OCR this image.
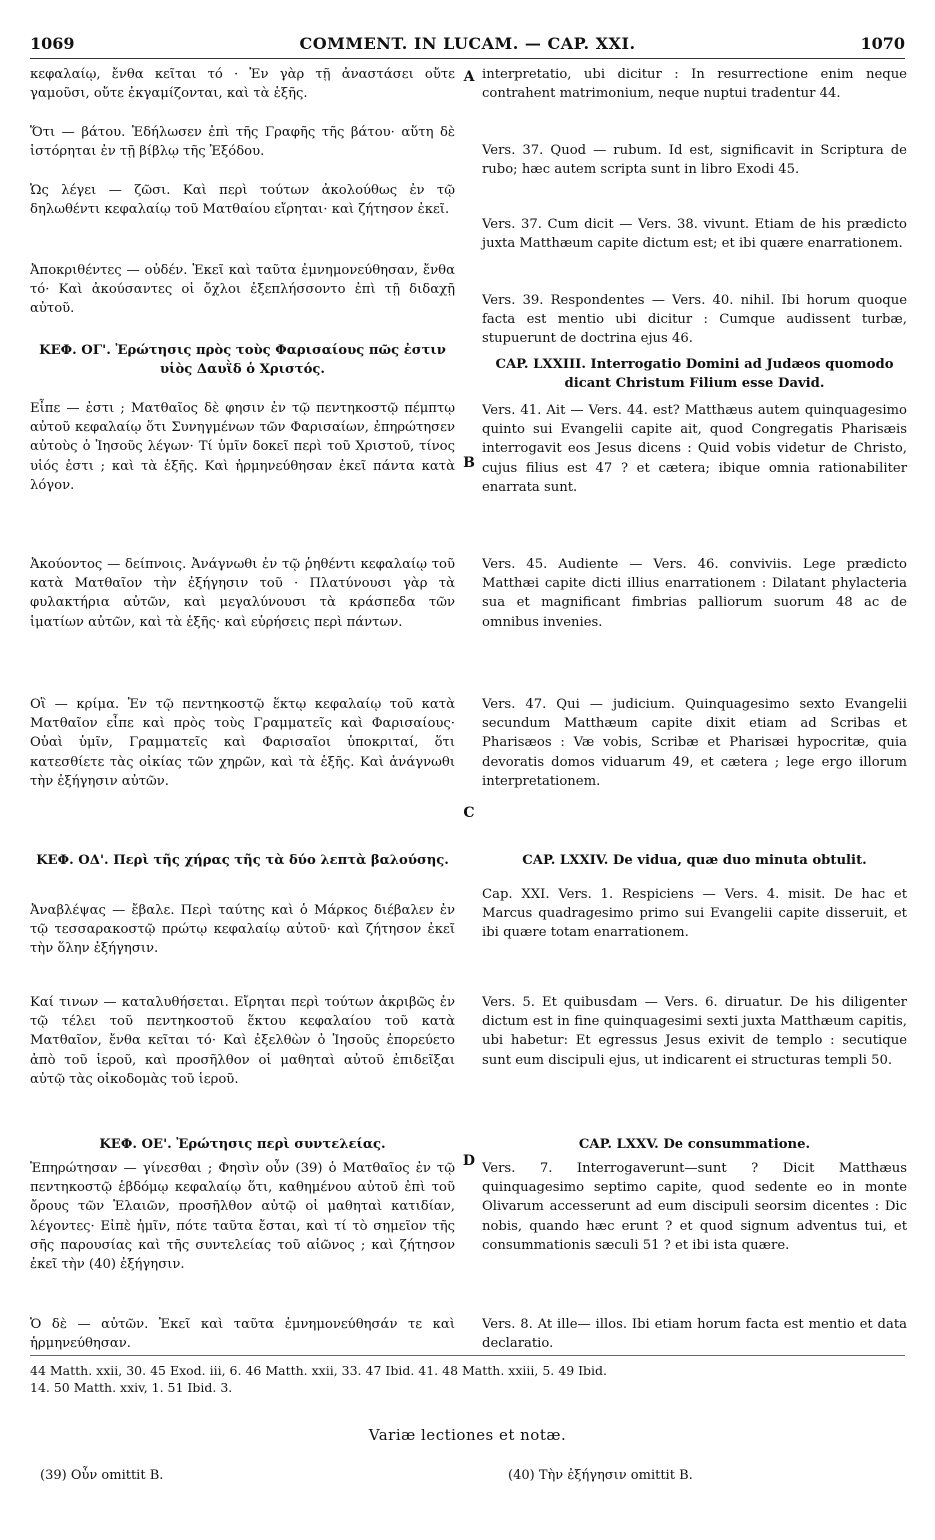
1069	COMMENT. IN LUCAM. — CAP. XXI.	1070

κεφαλαίῳ, ἔνθα κεῖται τό · Ἐν γὰρ τῇ ἀναστάσει οὔτε γαμοῦσι, οὔτε ἐκγαμίζονται, καὶ τὰ ἑξῆς.

Ὅτι — βάτου. Ἐδήλωσεν ἐπὶ τῆς Γραφῆς τῆς βάτου· αὕτη δὲ ἱστόρηται ἐν τῇ βίβλῳ τῆς Ἐξόδου.

Ὡς λέγει — ζῶσι. Καὶ περὶ τούτων ἀκολούθως ἐν τῷ δηλωθέντι κεφαλαίῳ τοῦ Ματθαίου εἴρηται· καὶ ζήτησον ἐκεῖ.

Ἀποκριθέντες — οὐδέν. Ἐκεῖ καὶ ταῦτα ἐμνημονεύθησαν, ἔνθα τό· Καὶ ἀκούσαντες οἱ ὄχλοι ἐξεπλήσσοντο ἐπὶ τῇ διδαχῇ αὐτοῦ.

ΚΕΦ. ΟΓ'. Ἐρώτησις πρὸς τοὺς Φαρισαίους πῶς ἐστιν υἱὸς Δαυῒδ ὁ Χριστός.

Εἶπε — ἐστι ; Ματθαῖος δὲ φησιν ἐν τῷ πεντηκοστῷ πέμπτῳ αὐτοῦ κεφαλαίῳ ὅτι Συνηγμένων τῶν Φαρισαίων, ἐπηρώτησεν αὐτοὺς ὁ Ἰησοῦς λέγων· Τί ὑμῖν δοκεῖ περὶ τοῦ Χριστοῦ, τίνος υἱός ἐστι ; καὶ τὰ ἑξῆς. Καὶ ἡρμηνεύθησαν ἐκεῖ πάντα κατὰ λόγον.

Ἀκούοντος — δείπνοις. Ἀνάγνωθι ἐν τῷ ῥηθέντι κεφαλαίῳ τοῦ κατὰ Ματθαῖον τὴν ἐξήγησιν τοῦ · Πλατύνουσι γὰρ τὰ φυλακτήρια αὐτῶν, καὶ μεγαλύνουσι τὰ κράσπεδα τῶν ἱματίων αὐτῶν, καὶ τὰ ἑξῆς· καὶ εὑρήσεις περὶ πάντων.

Οἳ — κρίμα. Ἐν τῷ πεντηκοστῷ ἕκτῳ κεφαλαίῳ τοῦ κατὰ Ματθαῖον εἶπε καὶ πρὸς τοὺς Γραμματεῖς καὶ Φαρισαίους· Οὐαὶ ὑμῖν, Γραμματεῖς καὶ Φαρισαῖοι ὑποκριταί, ὅτι κατεσθίετε τὰς οἰκίας τῶν χηρῶν, καὶ τὰ ἑξῆς. Καὶ ἀνάγνωθι τὴν ἐξήγησιν αὐτῶν.

ΚΕΦ. ΟΔ'. Περὶ τῆς χήρας τῆς τὰ δύο λεπτὰ βαλούσης.

Ἀναβλέψας — ἔβαλε. Περὶ ταύτης καὶ ὁ Μάρκος διέβαλεν ἐν τῷ τεσσαρακοστῷ πρώτῳ κεφαλαίῳ αὐτοῦ· καὶ ζήτησον ἐκεῖ τὴν ὅλην ἐξήγησιν.

Καί τινων — καταλυθήσεται. Εἴρηται περὶ τούτων ἀκριβῶς ἐν τῷ τέλει τοῦ πεντηκοστοῦ ἕκτου κεφαλαίου τοῦ κατὰ Ματθαῖον, ἔνθα κεῖται τό· Καὶ ἐξελθὼν ὁ Ἰησοῦς ἐπορεύετο ἀπὸ τοῦ ἱεροῦ, καὶ προσῆλθον οἱ μαθηταὶ αὐτοῦ ἐπιδεῖξαι αὐτῷ τὰς οἰκοδομὰς τοῦ ἱεροῦ.

ΚΕΦ. ΟΕ'. Ἐρώτησις περὶ συντελείας.

Ἐπηρώτησαν — γίνεσθαι ; Φησὶν οὖν (39) ὁ Ματθαῖος ἐν τῷ πεντηκοστῷ ἑβδόμῳ κεφαλαίῳ ὅτι, καθημένου αὐτοῦ ἐπὶ τοῦ ὄρους τῶν Ἐλαιῶν, προσῆλθον αὐτῷ οἱ μαθηταὶ κατιδίαν, λέγοντες· Εἰπὲ ἡμῖν, πότε ταῦτα ἔσται, καὶ τί τὸ σημεῖον τῆς σῆς παρουσίας καὶ τῆς συντελείας τοῦ αἰῶνος ; καὶ ζήτησον ἐκεῖ τὴν (40) ἐξήγησιν.

Ὁ δὲ — αὐτῶν. Ἐκεῖ καὶ ταῦτα ἐμνημονεύθησάν τε καὶ ἡρμηνεύθησαν.

A
B
C
D

interpretatio, ubi dicitur : In resurrectione enim neque contrahent matrimonium, neque nuptui tradentur 44.

Vers. 37. Quod — rubum. Id est, significavit in Scriptura de rubo; hæc autem scripta sunt in libro Exodi 45.

Vers. 37. Cum dicit — Vers. 38. vivunt. Etiam de his prædicto juxta Matthæum capite dictum est; et ibi quære enarrationem.

Vers. 39. Respondentes — Vers. 40. nihil. Ibi horum quoque facta est mentio ubi dicitur : Cumque audissent turbæ, stupuerunt de doctrina ejus 46.

CAP. LXXIII. Interrogatio Domini ad Judæos quomodo dicant Christum Filium esse David.

Vers. 41. Ait — Vers. 44. est? Matthæus autem quinquagesimo quinto sui Evangelii capite ait, quod Congregatis Pharisæis interrogavit eos Jesus dicens : Quid vobis videtur de Christo, cujus filius est 47 ? et cætera; ibique omnia rationabiliter enarrata sunt.

Vers. 45. Audiente — Vers. 46. conviviis. Lege prædicto Matthæi capite dicti illius enarrationem : Dilatant phylacteria sua et magnificant fimbrias palliorum suorum 48 ac de omnibus invenies.

Vers. 47. Qui — judicium. Quinquagesimo sexto Evangelii secundum Matthæum capite dixit etiam ad Scribas et Pharisæos : Væ vobis, Scribæ et Pharisæi hypocritæ, quia devoratis domos viduarum 49, et cætera ; lege ergo illorum interpretationem.

CAP. LXXIV. De vidua, quæ duo minuta obtulit.

Cap. XXI. Vers. 1. Respiciens — Vers. 4. misit. De hac et Marcus quadragesimo primo sui Evangelii capite disseruit, et ibi quære totam enarrationem.

Vers. 5. Et quibusdam — Vers. 6. diruatur. De his diligenter dictum est in fine quinquagesimi sexti juxta Matthæum capitis, ubi habetur: Et egressus Jesus exivit de templo : secutique sunt eum discipuli ejus, ut indicarent ei structuras templi 50.

CAP. LXXV. De consummatione.

Vers. 7. Interrogaverunt—sunt ? Dicit Matthæus quinquagesimo septimo capite, quod sedente eo in monte Olivarum accesserunt ad eum discipuli seorsim dicentes : Dic nobis, quando hæc erunt ? et quod signum adventus tui, et consummationis sæculi 51 ? et ibi ista quære.

Vers. 8. At ille— illos. Ibi etiam horum facta est mentio et data declaratio.

44 Matth. xxii, 30. 45 Exod. iii, 6. 46 Matth. xxii, 33. 47 Ibid. 41. 48 Matth. xxiii, 5. 49 Ibid.
14. 50 Matth. xxiv, 1. 51 Ibid. 3.
Variæ lectiones et notæ.
(39) Οὖν omittit B.	(40) Τὴν ἐξήγησιν omittit B.
